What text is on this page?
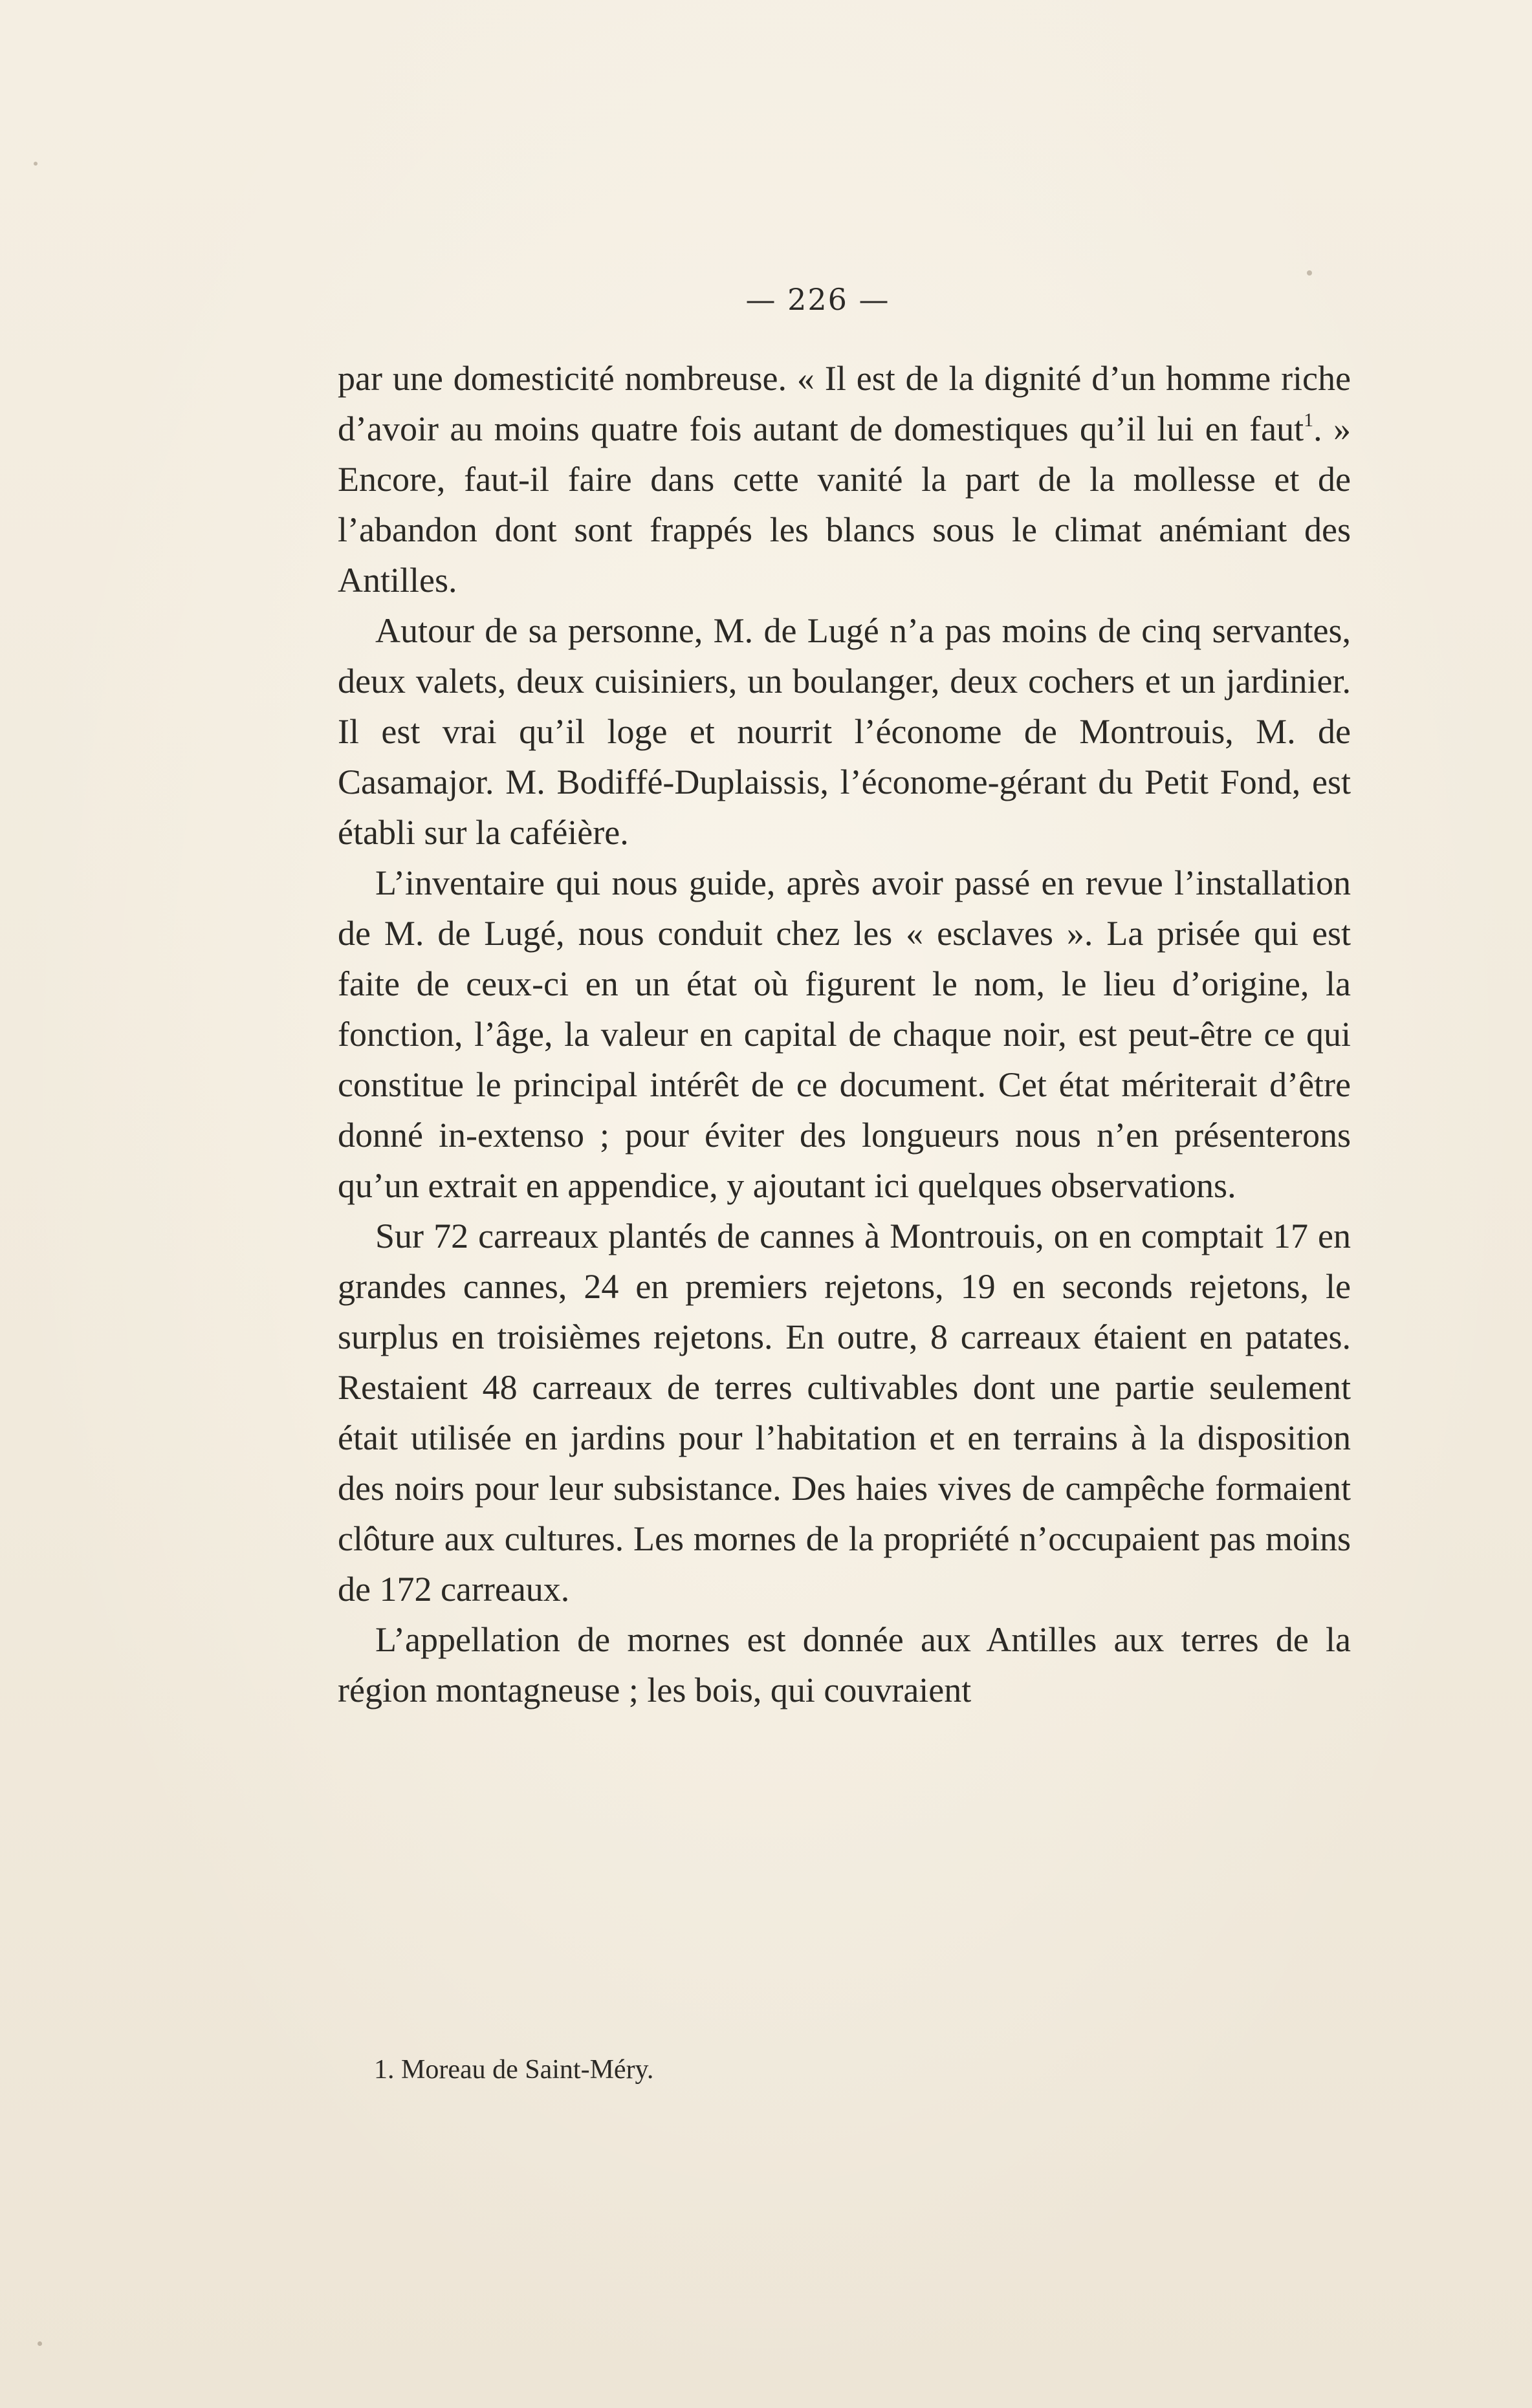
— 226 —

par une domesticité nombreuse. « Il est de la dignité d’un homme riche d’avoir au moins quatre fois autant de domestiques qu’il lui en faut$^1$. » Encore, faut-il faire dans cette vanité la part de la mollesse et de l’abandon dont sont frappés les blancs sous le climat anémiant des Antilles.

Autour de sa personne, M. de Lugé n’a pas moins de cinq servantes, deux valets, deux cuisiniers, un boulanger, deux cochers et un jardinier. Il est vrai qu’il loge et nourrit l’économe de Montrouis, M. de Casamajor. M. Bodiffé-Duplaissis, l’économe-gérant du Petit Fond, est établi sur la caféière.

L’inventaire qui nous guide, après avoir passé en revue l’installation de M. de Lugé, nous conduit chez les « esclaves ». La prisée qui est faite de ceux-ci en un état où figurent le nom, le lieu d’origine, la fonction, l’âge, la valeur en capital de chaque noir, est peut-être ce qui constitue le principal intérêt de ce document. Cet état mériterait d’être donné in-extenso ; pour éviter des longueurs nous n’en présenterons qu’un extrait en appendice, y ajoutant ici quelques observations.

Sur 72 carreaux plantés de cannes à Montrouis, on en comptait 17 en grandes cannes, 24 en premiers rejetons, 19 en seconds rejetons, le surplus en troisièmes rejetons. En outre, 8 carreaux étaient en patates. Restaient 48 carreaux de terres cultivables dont une partie seulement était utilisée en jardins pour l’habitation et en terrains à la disposition des noirs pour leur subsistance. Des haies vives de campêche formaient clôture aux cultures. Les mornes de la propriété n’occupaient pas moins de 172 carreaux.

L’appellation de mornes est donnée aux Antilles aux terres de la région montagneuse ; les bois, qui couvraient

1. Moreau de Saint-Méry.
